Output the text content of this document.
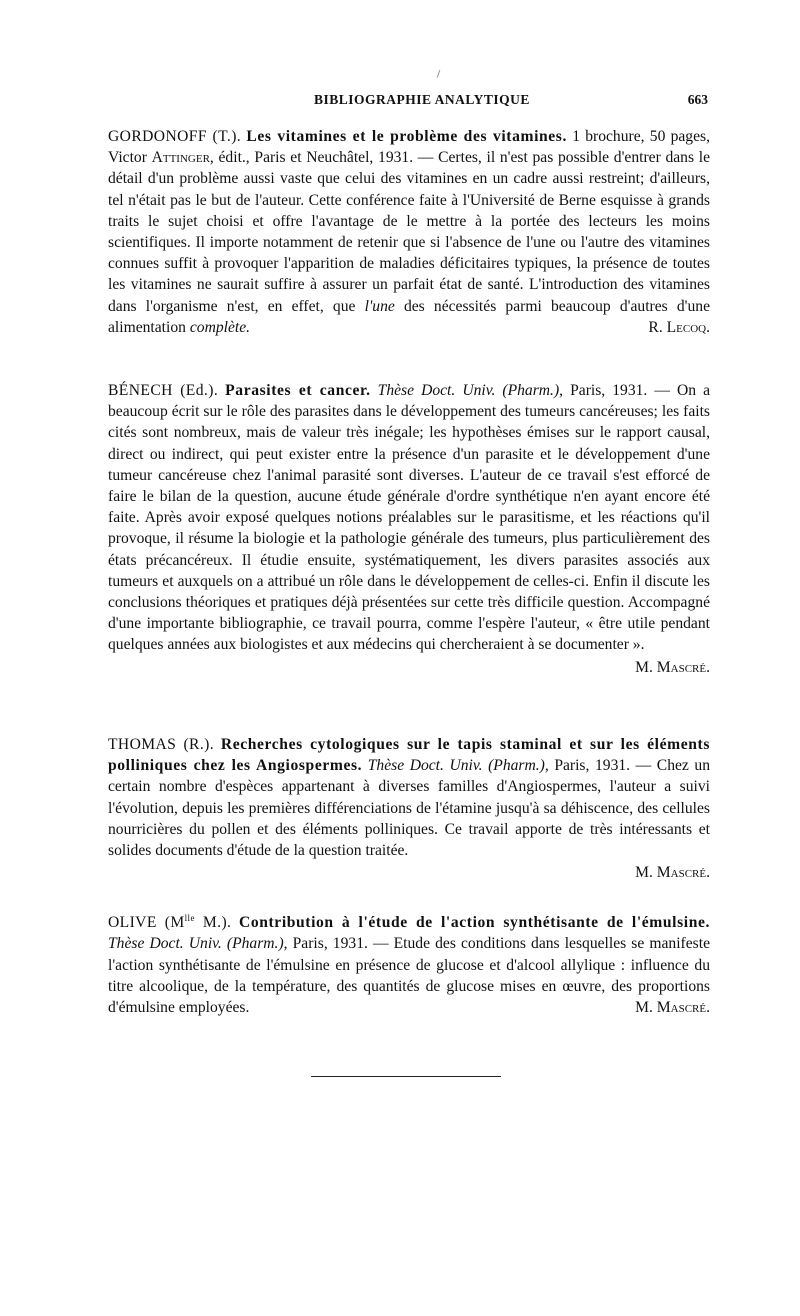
BIBLIOGRAPHIE ANALYTIQUE	663
GORDONOFF (T.). Les vitamines et le problème des vitamines. 1 brochure, 50 pages, Victor Attinger, édit., Paris et Neuchâtel, 1931. — Certes, il n'est pas possible d'entrer dans le détail d'un problème aussi vaste que celui des vitamines en un cadre aussi restreint; d'ailleurs, tel n'était pas le but de l'auteur. Cette conférence faite à l'Université de Berne esquisse à grands traits le sujet choisi et offre l'avantage de le mettre à la portée des lecteurs les moins scientifiques. Il importe notamment de retenir que si l'absence de l'une ou l'autre des vitamines connues suffit à provoquer l'apparition de maladies déficitaires typiques, la présence de toutes les vitamines ne saurait suffire à assurer un parfait état de santé. L'introduction des vitamines dans l'organisme n'est, en effet, que l'une des nécessités parmi beaucoup d'autres d'une alimentation complète.	R. Lecoq.
BÉNECH (Ed.). Parasites et cancer. Thèse Doct. Univ. (Pharm.), Paris, 1931. — On a beaucoup écrit sur le rôle des parasites dans le développement des tumeurs cancéreuses; les faits cités sont nombreux, mais de valeur très inégale; les hypothèses émises sur le rapport causal, direct ou indirect, qui peut exister entre la présence d'un parasite et le développement d'une tumeur cancéreuse chez l'animal parasité sont diverses. L'auteur de ce travail s'est efforcé de faire le bilan de la question, aucune étude générale d'ordre synthétique n'en ayant encore été faite. Après avoir exposé quelques notions préalables sur le parasitisme, et les réactions qu'il provoque, il résume la biologie et la pathologie générale des tumeurs, plus particulièrement des états précancéreux. Il étudie ensuite, systématiquement, les divers parasites associés aux tumeurs et auxquels on a attribué un rôle dans le développement de celles-ci. Enfin il discute les conclusions théoriques et pratiques déjà présentées sur cette très difficile question. Accompagné d'une importante bibliographie, ce travail pourra, comme l'espère l'auteur, « être utile pendant quelques années aux biologistes et aux médecins qui chercheraient à se documenter ».
M. Mascré.
THOMAS (R.). Recherches cytologiques sur le tapis staminal et sur les éléments polliniques chez les Angiospermes. Thèse Doct. Univ. (Pharm.), Paris, 1931. — Chez un certain nombre d'espèces appartenant à diverses familles d'Angiospermes, l'auteur a suivi l'évolution, depuis les premières différenciations de l'étamine jusqu'à sa déhiscence, des cellules nourricières du pollen et des éléments polliniques. Ce travail apporte de très intéressants et solides documents d'étude de la question traitée.
M. Mascré.
OLIVE ($M^{lle}$ M.). Contribution à l'étude de l'action synthétisante de l'émulsine. Thèse Doct. Univ. (Pharm.), Paris, 1931. — Etude des conditions dans lesquelles se manifeste l'action synthétisante de l'émulsine en présence de glucose et d'alcool allylique : influence du titre alcoolique, de la température, des quantités de glucose mises en œuvre, des proportions d'émulsine employées.	M. Mascré.
